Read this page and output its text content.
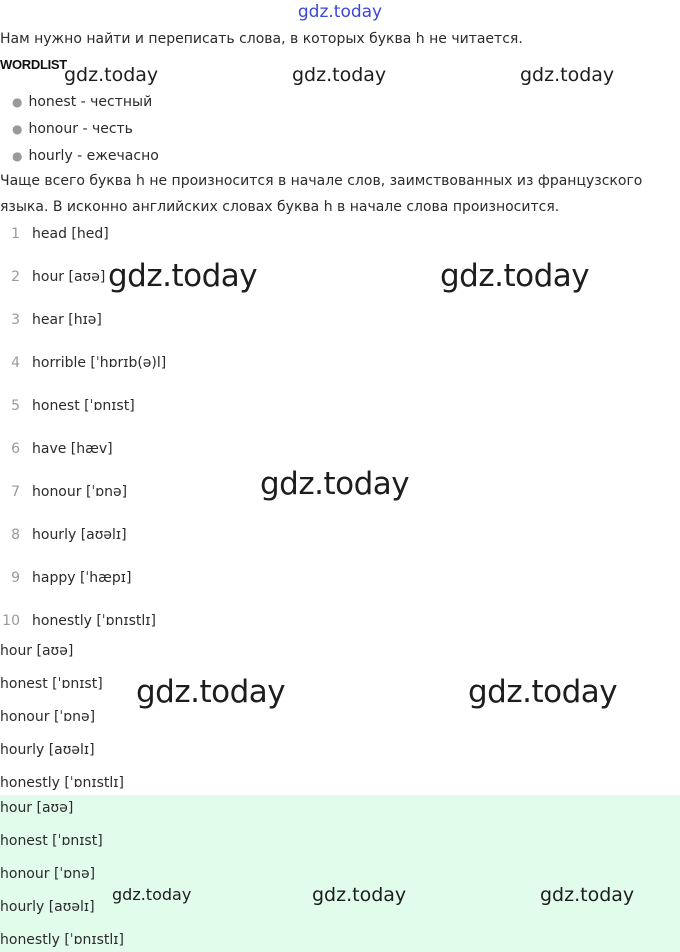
gdz.today
Нам нужно найти и переписать слова, в которых буква h не читается.
WORDLIST
● honest - честный
● honour - честь
● hourly - ежечасно
Чаще всего буква h не произносится в начале слов, заимствованных из французского
языка. В исконно английских словах буква h в начале слова произносится.
1 head [hed]
2 hour [aʊə]
3 hear [hɪə]
4 horrible [ˈhɒrɪb(ə)l]
5 honest [ˈɒnɪst]
6 have [hæv]
7 honour [ˈɒnə]
8 hourly [aʊəlɪ]
9 happy [ˈhæpɪ]
10 honestly [ˈɒnɪstlɪ]
hour [aʊə]
honest [ˈɒnɪst]
honour [ˈɒnə]
hourly [aʊəlɪ]
honestly [ˈɒnɪstlɪ]
hour [aʊə]
honest [ˈɒnɪst]
honour [ˈɒnə]
hourly [aʊəlɪ]
honestly [ˈɒnɪstlɪ]
gdz.today	gdz.today	gdz.today
gdz.today	gdz.today
gdz.today
gdz.today	gdz.today
gdz.today	gdz.today	gdz.today
